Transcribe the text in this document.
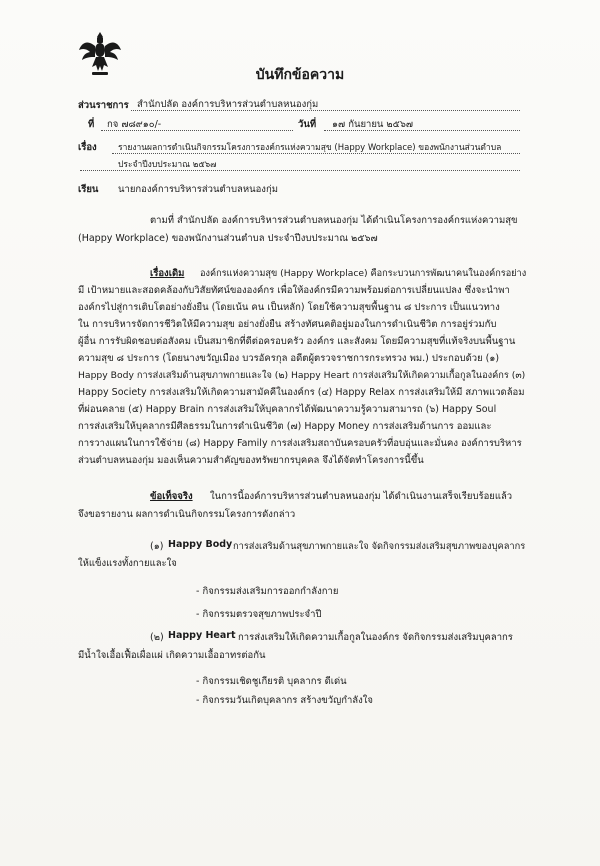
บันทึกข้อความ
ส่วนราชการ สำนักปลัด องค์การบริหารส่วนตำบลหนองกุ่ม
ที่ กจ ๗๘๙๑๐/-	วันที่ ๑๗ กันยายน ๒๕๖๗
เรื่อง	รายงานผลการดำเนินกิจกรรมโครงการองค์กรแห่งความสุข (Happy Workplace) ของพนักงานส่วนตำบล
ประจำปีงบประมาณ ๒๕๖๗
เรียน นายกองค์การบริหารส่วนตำบลหนองกุ่ม
ตามที่ สำนักปลัด องค์การบริหารส่วนตำบลหนองกุ่ม ได้ดำเนินโครงการองค์กรแห่งความสุข
(Happy Workplace) ของพนักงานส่วนตำบล ประจำปีงบประมาณ ๒๕๖๗
เรื่องเดิม องค์กรแห่งความสุข (Happy Workplace) คือกระบวนการพัฒนาคนในองค์กรอย่าง
มี เป้าหมายและสอดคล้องกับวิสัยทัศน์ขององค์กร เพื่อให้องค์กรมีความพร้อมต่อการเปลี่ยนแปลง ซึ่งจะนำพา
องค์กรไปสู่การเติบโตอย่างยั่งยืน (โดยเน้น คน เป็นหลัก) โดยใช้ความสุขพื้นฐาน ๘ ประการ เป็นแนวทาง
ใน การบริหารจัดการชีวิตให้มีความสุข อย่างยั่งยืน สร้างทัศนคติอยู่มองในการดำเนินชีวิต การอยู่ร่วมกับ
ผู้อื่น การรับผิดชอบต่อสังคม เป็นสมาชิกที่ดีต่อครอบครัว องค์กร และสังคม โดยมีความสุขที่แท้จริงบนพื้นฐาน
ความสุข ๘ ประการ (โดยนางขวัญเมือง บวรอัครกุล อดีตผู้ตรวจราชการกระทรวง พม.) ประกอบด้วย (๑)
Happy Body การส่งเสริมด้านสุขภาพกายและใจ (๒) Happy Heart การส่งเสริมให้เกิดความเกื้อกูลในองค์กร (๓)
Happy Society การส่งเสริมให้เกิดความสามัคคีในองค์กร (๔) Happy Relax การส่งเสริมให้มี สภาพแวดล้อม
ที่ผ่อนคลาย (๕) Happy Brain การส่งเสริมให้บุคลากรได้พัฒนาความรู้ความสามารถ (๖) Happy Soul
การส่งเสริมให้บุคลากรมีศีลธรรมในการดำเนินชีวิต (๗) Happy Money การส่งเสริมด้านการ ออมและ
การวางแผนในการใช้จ่าย (๘) Happy Family การส่งเสริมสถาบันครอบครัวที่อบอุ่นและมั่นคง องค์การบริหาร
ส่วนตำบลหนองกุ่ม มองเห็นความสำคัญของทรัพยากรบุคคล จึงได้จัดทำโครงการนี้ขึ้น
ข้อเท็จจริง ในการนี้องค์การบริหารส่วนตำบลหนองกุ่ม ได้ดำเนินงานเสร็จเรียบร้อยแล้ว
จึงขอรายงาน ผลการดำเนินกิจกรรมโครงการดังกล่าว
(๑) Happy Body การส่งเสริมด้านสุขภาพกายและใจ จัดกิจกรรมส่งเสริมสุขภาพของบุคลากร
ให้แข็งแรงทั้งกายและใจ
- กิจกรรมส่งเสริมการออกกำลังกาย
- กิจกรรมตรวจสุขภาพประจำปี
(๒) Happy Heart การส่งเสริมให้เกิดความเกื้อกูลในองค์กร จัดกิจกรรมส่งเสริมบุคลากร
มีน้ำใจเอื้อเฟื้อเผื่อแผ่ เกิดความเอื้ออาทรต่อกัน
- กิจกรรมเชิดชูเกียรติ บุคลากร ดีเด่น
- กิจกรรมวันเกิดบุคลากร สร้างขวัญกำลังใจ
